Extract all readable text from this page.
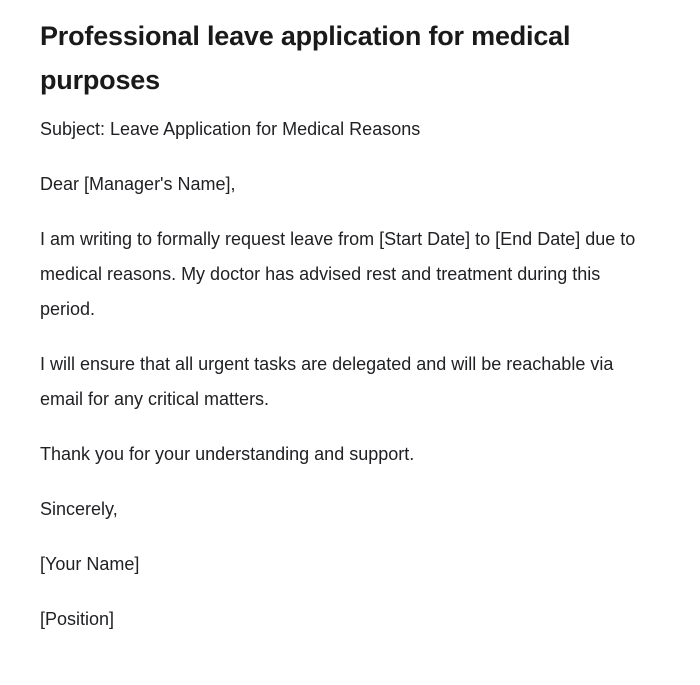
Professional leave application for medical purposes

Subject: Leave Application for Medical Reasons

Dear [Manager's Name],

I am writing to formally request leave from [Start Date] to [End Date] due to medical reasons. My doctor has advised rest and treatment during this period.

I will ensure that all urgent tasks are delegated and will be reachable via email for any critical matters.

Thank you for your understanding and support.

Sincerely,

[Your Name]

[Position]
